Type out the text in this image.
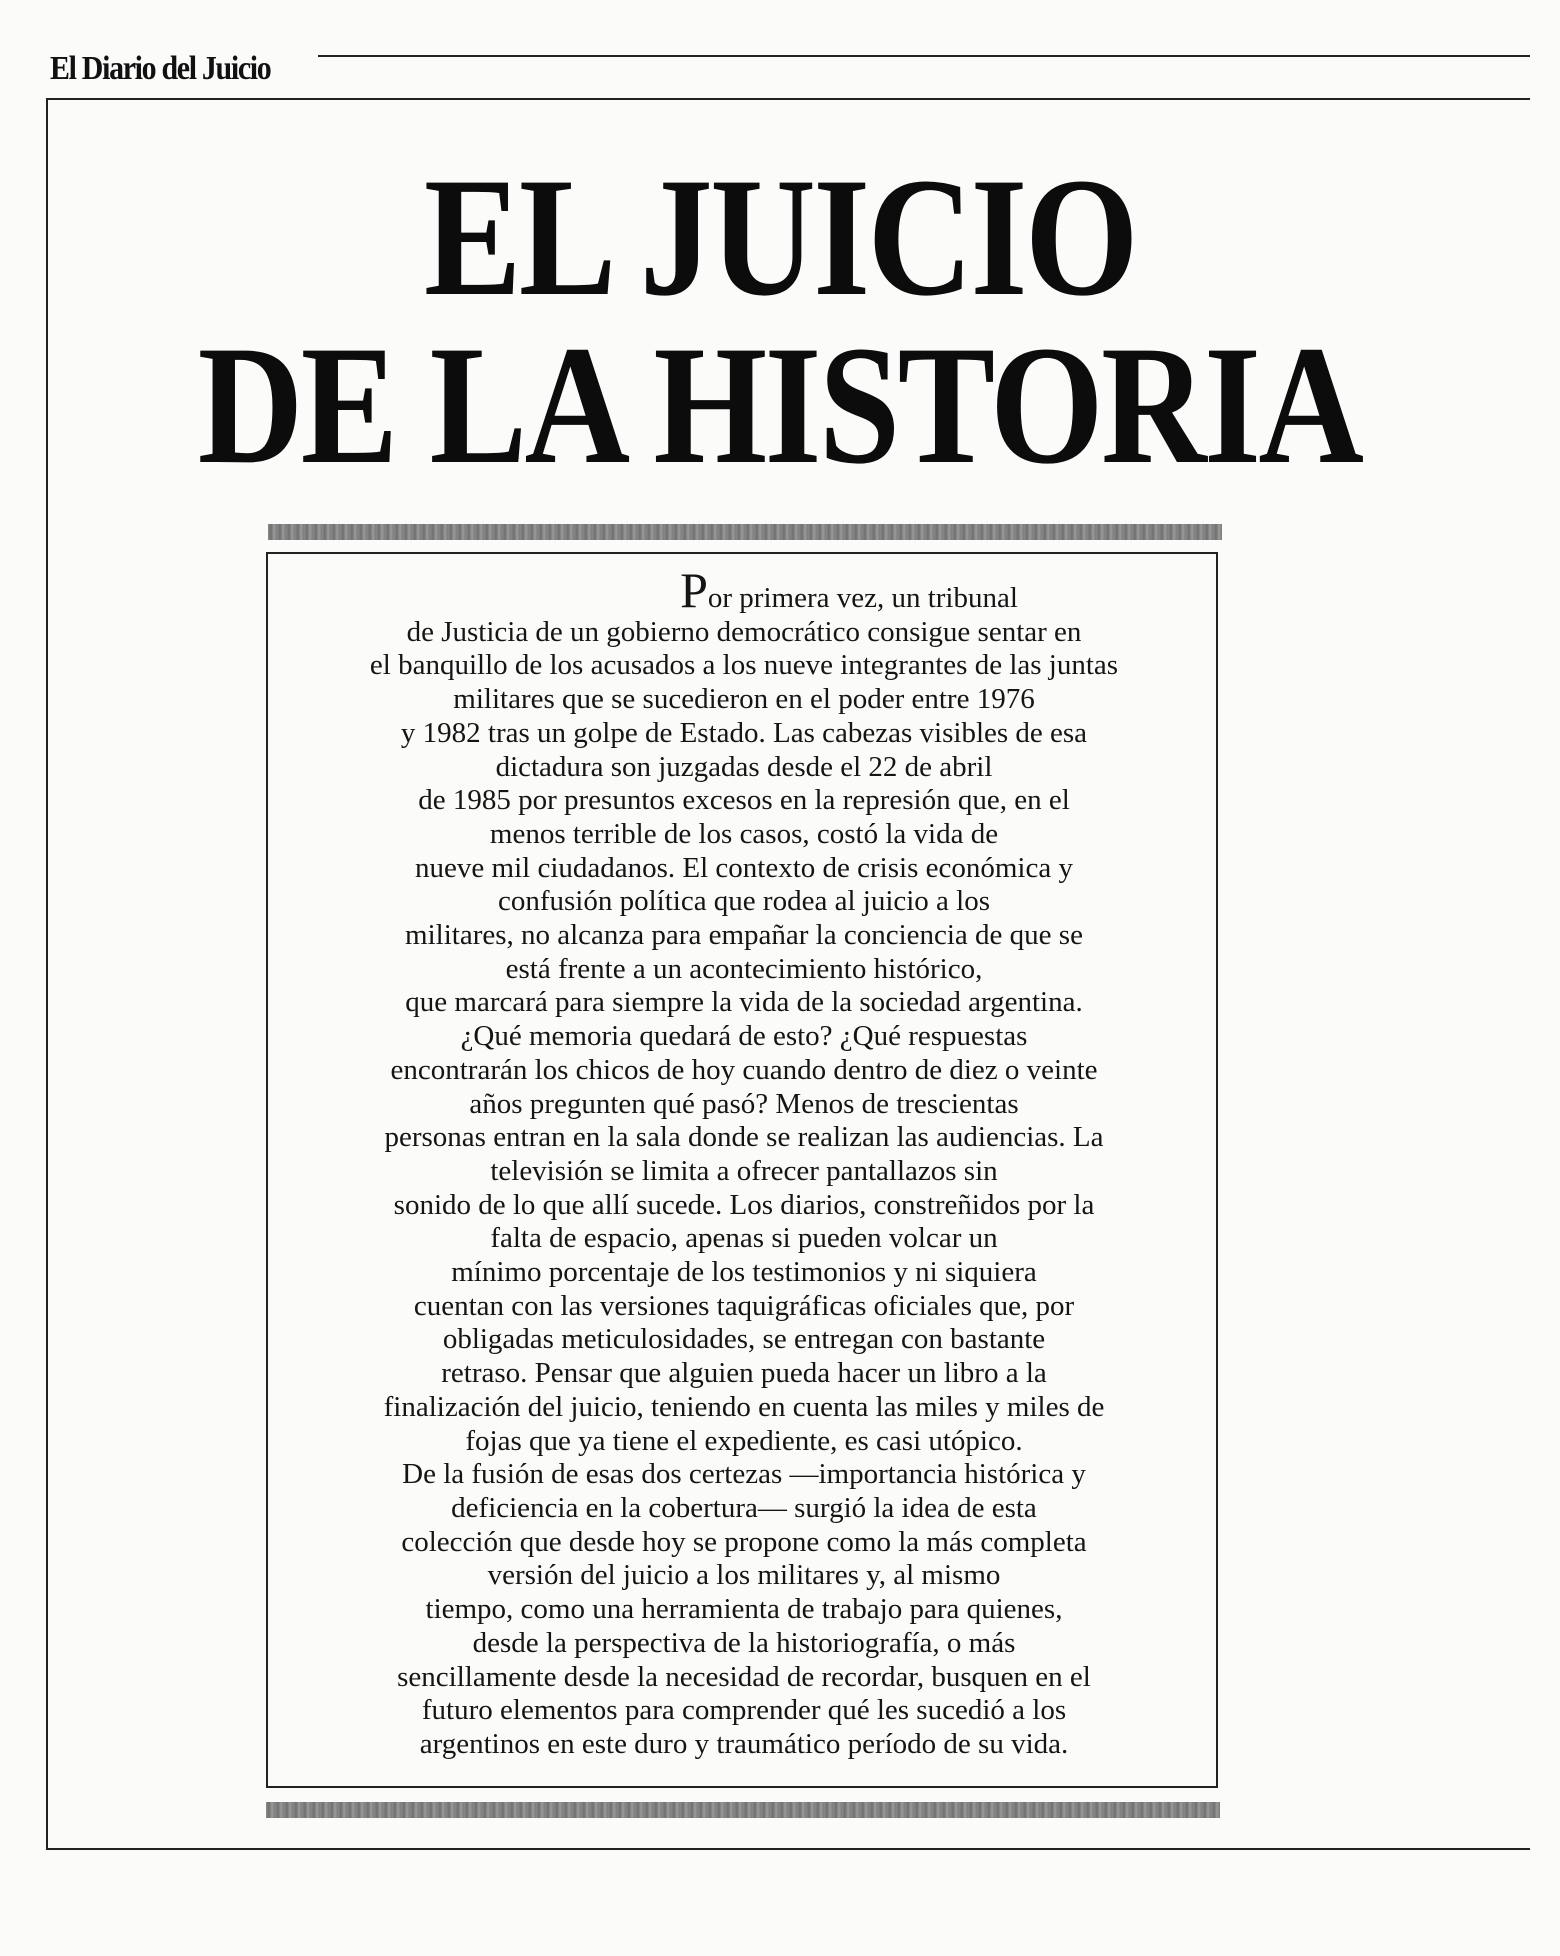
El Diario del Juicio
EL JUICIO
DE LA HISTORIA
Por primera vez, un tribunal
de Justicia de un gobierno democrático consigue sentar en
el banquillo de los acusados a los nueve integrantes de las juntas
militares que se sucedieron en el poder entre 1976
y 1982 tras un golpe de Estado. Las cabezas visibles de esa
dictadura son juzgadas desde el 22 de abril
de 1985 por presuntos excesos en la represión que, en el
menos terrible de los casos, costó la vida de
nueve mil ciudadanos. El contexto de crisis económica y
confusión política que rodea al juicio a los
militares, no alcanza para empañar la conciencia de que se
está frente a un acontecimiento histórico,
que marcará para siempre la vida de la sociedad argentina.
¿Qué memoria quedará de esto? ¿Qué respuestas
encontrarán los chicos de hoy cuando dentro de diez o veinte
años pregunten qué pasó? Menos de trescientas
personas entran en la sala donde se realizan las audiencias. La
televisión se limita a ofrecer pantallazos sin
sonido de lo que allí sucede. Los diarios, constreñidos por la
falta de espacio, apenas si pueden volcar un
mínimo porcentaje de los testimonios y ni siquiera
cuentan con las versiones taquigráficas oficiales que, por
obligadas meticulosidades, se entregan con bastante
retraso. Pensar que alguien pueda hacer un libro a la
finalización del juicio, teniendo en cuenta las miles y miles de
fojas que ya tiene el expediente, es casi utópico.
De la fusión de esas dos certezas —importancia histórica y
deficiencia en la cobertura— surgió la idea de esta
colección que desde hoy se propone como la más completa
versión del juicio a los militares y, al mismo
tiempo, como una herramienta de trabajo para quienes,
desde la perspectiva de la historiografía, o más
sencillamente desde la necesidad de recordar, busquen en el
futuro elementos para comprender qué les sucedió a los
argentinos en este duro y traumático período de su vida.
